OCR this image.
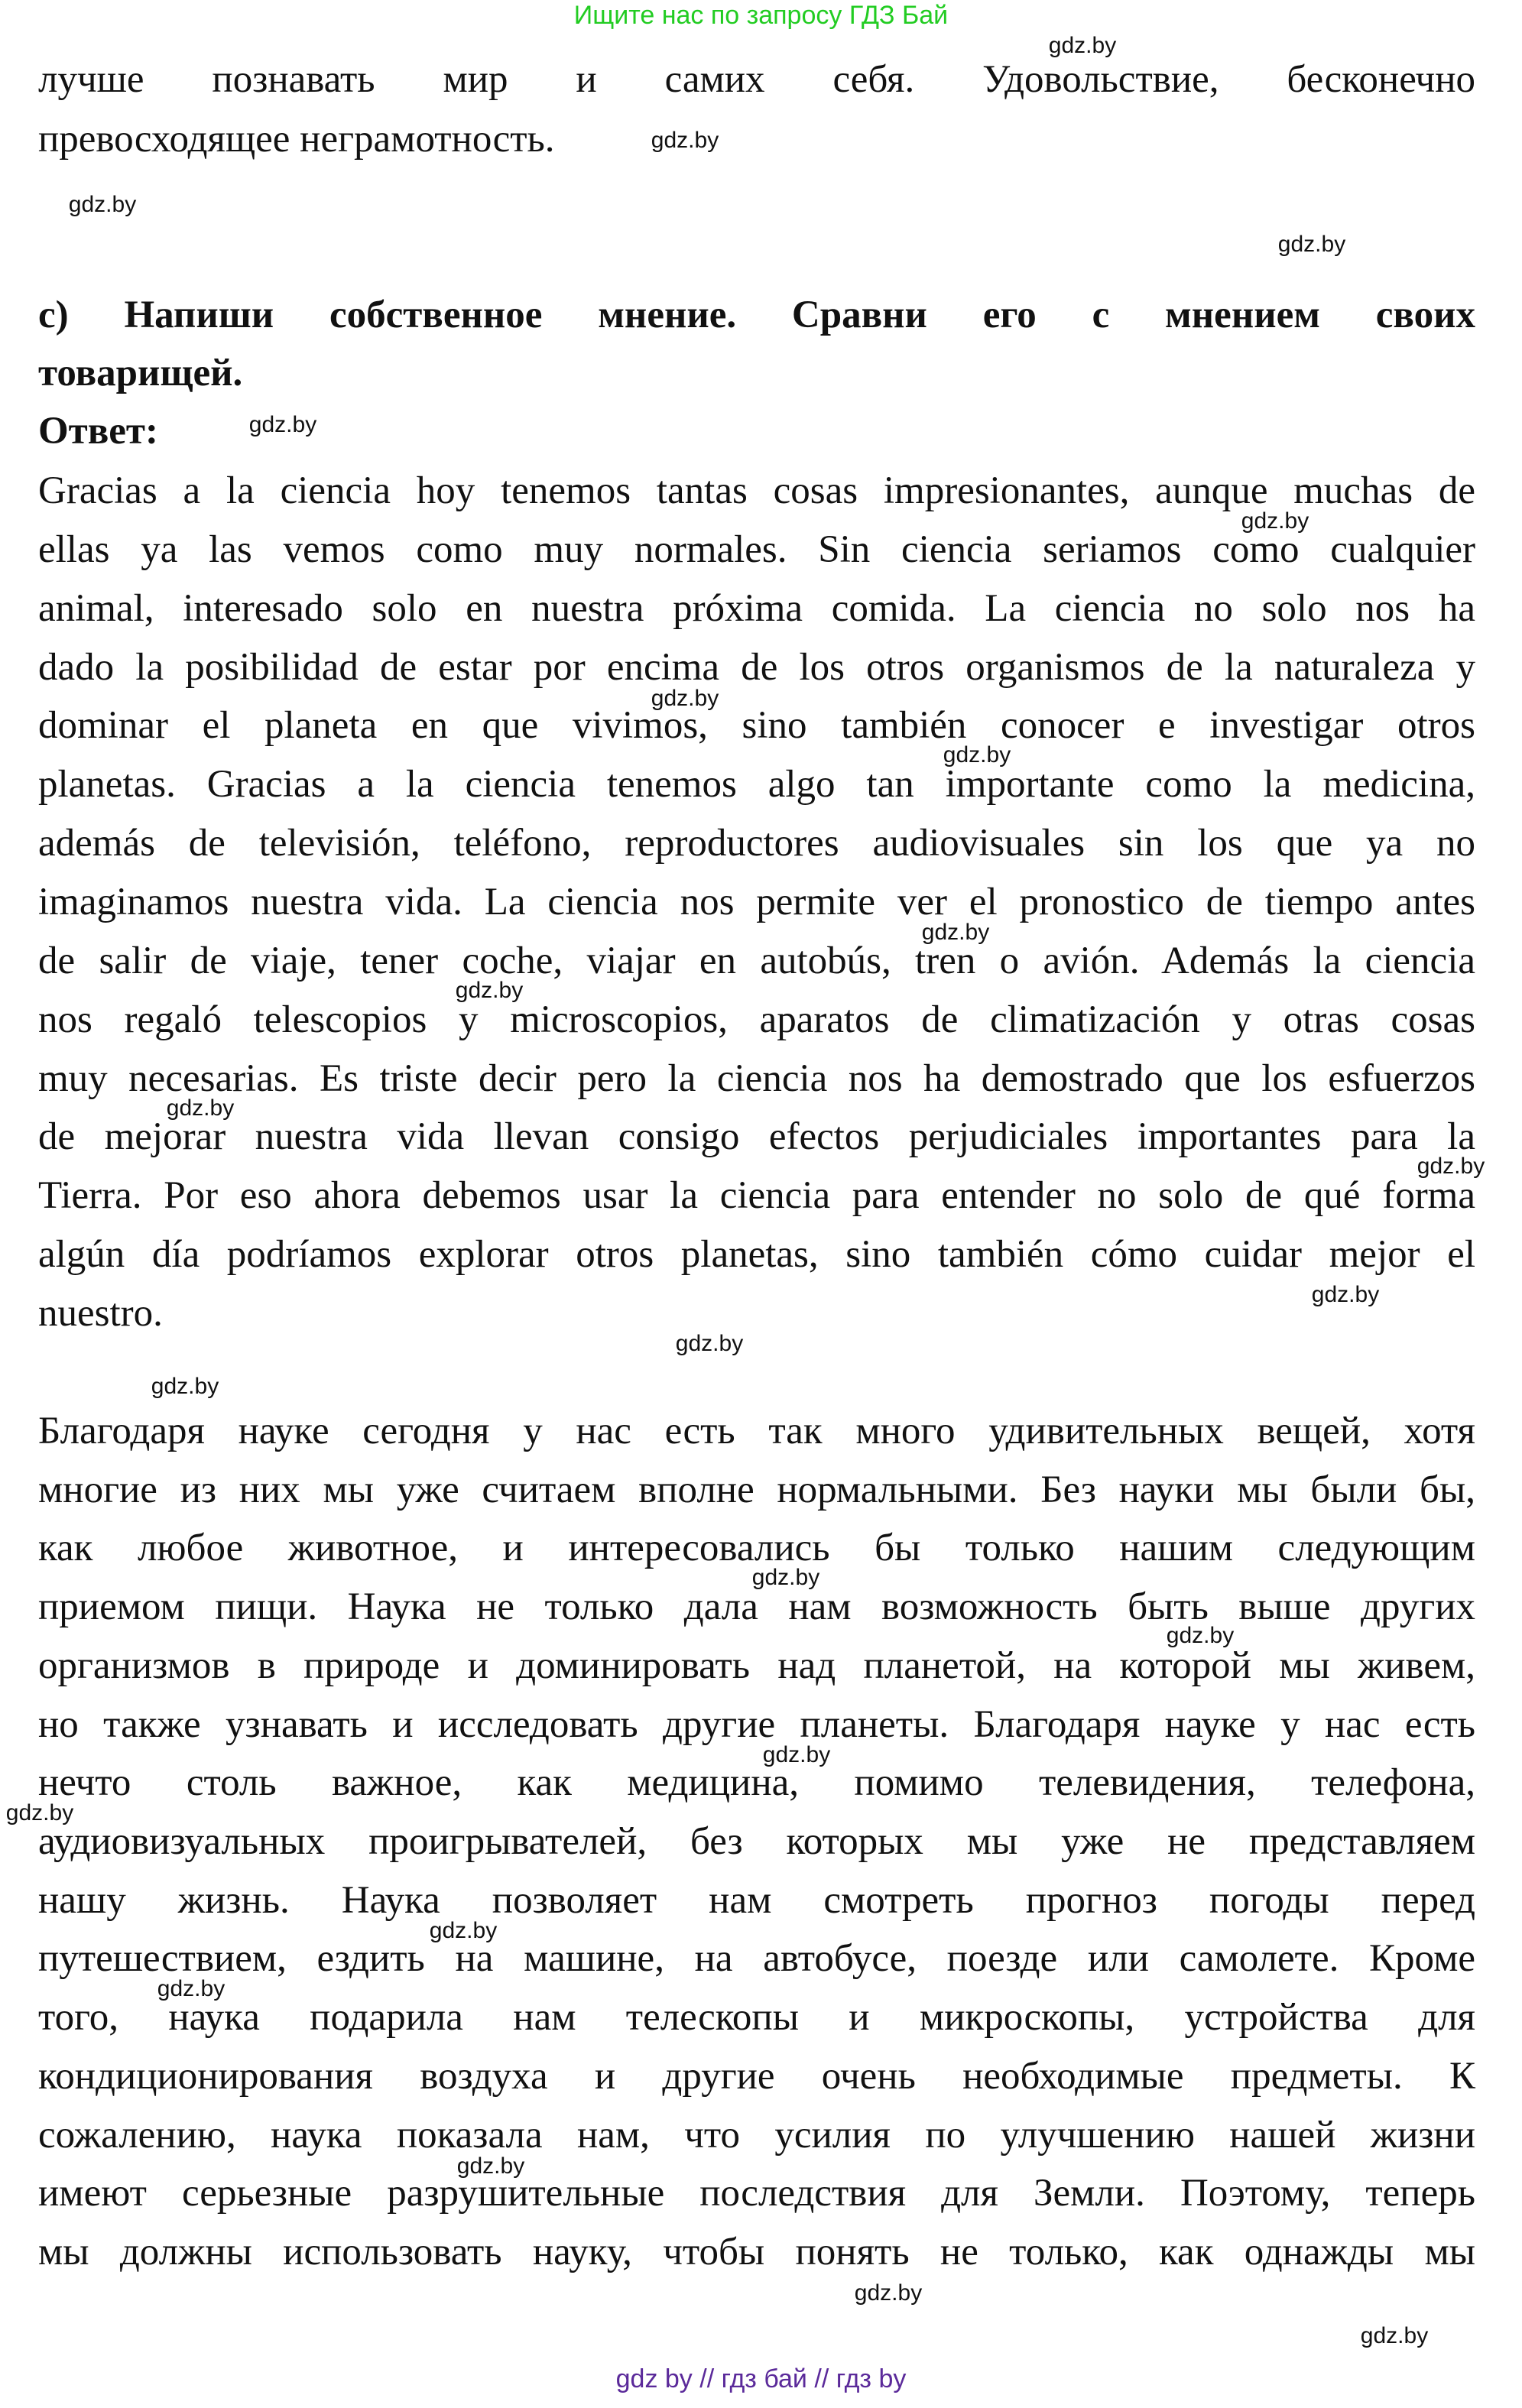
Ищите нас по запросу ГДЗ Бай
лучше познавать мир и самих себя. Удовольствие, бесконечно
превосходящее неграмотность.
c) Напиши собственное мнение. Сравни его с мнением своих
товарищей.
Ответ:
Gracias a la ciencia hoy tenemos tantas cosas impresionantes, aunque muchas de
ellas ya las vemos como muy normales. Sin ciencia seriamos como cualquier
animal, interesado solo en nuestra próxima comida. La ciencia no solo nos ha
dado la posibilidad de estar por encima de los otros organismos de la naturaleza y
dominar el planeta en que vivimos, sino también conocer e investigar otros
planetas. Gracias a la ciencia tenemos algo tan importante como la medicina,
además de televisión, teléfono, reproductores audiovisuales sin los que ya no
imaginamos nuestra vida. La ciencia nos permite ver el pronostico de tiempo antes
de salir de viaje, tener coche, viajar en autobús, tren o avión. Además la ciencia
nos regaló telescopios y microscopios, aparatos de climatización y otras cosas
muy necesarias. Es triste decir pero la ciencia nos ha demostrado que los esfuerzos
de mejorar nuestra vida llevan consigo efectos perjudiciales importantes para la
Tierra. Por eso ahora debemos usar la ciencia para entender no solo de qué forma
algún día podríamos explorar otros planetas, sino también cómo cuidar mejor el
nuestro.
Благодаря науке сегодня у нас есть так много удивительных вещей, хотя
многие из них мы уже считаем вполне нормальными. Без науки мы были бы,
как любое животное, и интересовались бы только нашим следующим
приемом пищи. Наука не только дала нам возможность быть выше других
организмов в природе и доминировать над планетой, на которой мы живем,
но также узнавать и исследовать другие планеты. Благодаря науке у нас есть
нечто столь важное, как медицина, помимо телевидения, телефона,
аудиовизуальных проигрывателей, без которых мы уже не представляем
нашу жизнь. Наука позволяет нам смотреть прогноз погоды перед
путешествием, ездить на машине, на автобусе, поезде или самолете. Кроме
того, наука подарила нам телескопы и микроскопы, устройства для
кондиционирования воздуха и другие очень необходимые предметы. К
сожалению, наука показала нам, что усилия по улучшению нашей жизни
имеют серьезные разрушительные последствия для Земли. Поэтому, теперь
мы должны использовать науку, чтобы понять не только, как однажды мы
gdz by // гдз бай // гдз by
gdz.by
gdz.by
gdz.by
gdz.by
gdz.by
gdz.by
gdz.by
gdz.by
gdz.by
gdz.by
gdz.by
gdz.by
gdz.by
gdz.by
gdz.by
gdz.by
gdz.by
gdz.by
gdz.by
gdz.by
gdz.by
gdz.by
gdz.by
gdz.by
